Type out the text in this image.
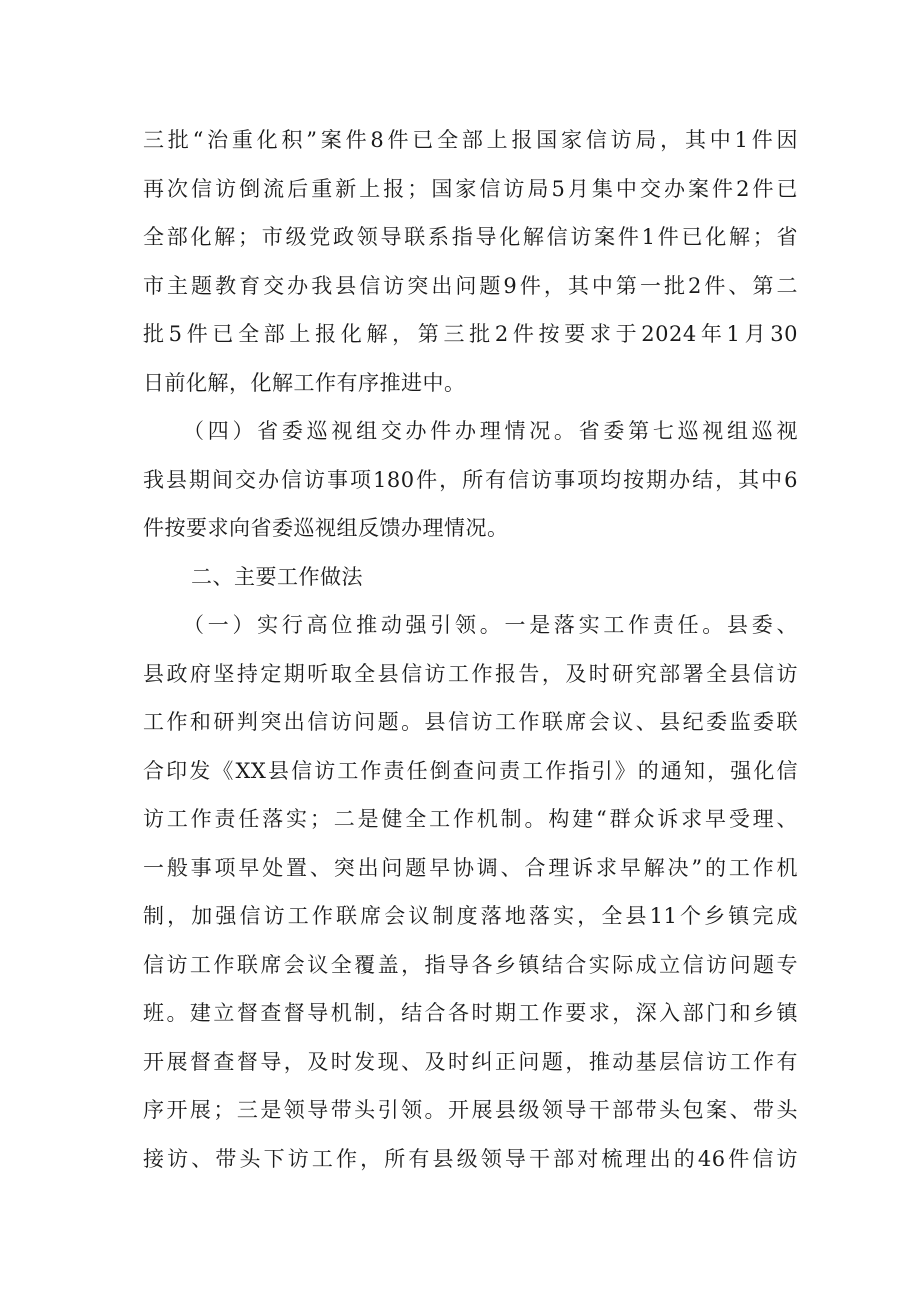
三批“治重化积”案件8件已全部上报国家信访局，其中1件因
再次信访倒流后重新上报；国家信访局5月集中交办案件2件已
全部化解；市级党政领导联系指导化解信访案件1件已化解；省
市主题教育交办我县信访突出问题9件，其中第一批2件、第二
批5件已全部上报化解，第三批2件按要求于2024年1月30
日前化解，化解工作有序推进中。
（四）省委巡视组交办件办理情况。省委第七巡视组巡视
我县期间交办信访事项180件，所有信访事项均按期办结，其中6
件按要求向省委巡视组反馈办理情况。
二、主要工作做法
（一）实行高位推动强引领。一是落实工作责任。县委、
县政府坚持定期听取全县信访工作报告，及时研究部署全县信访
工作和研判突出信访问题。县信访工作联席会议、县纪委监委联
合印发《XX县信访工作责任倒查问责工作指引》的通知，强化信
访工作责任落实；二是健全工作机制。构建“群众诉求早受理、
一般事项早处置、突出问题早协调、合理诉求早解决”的工作机
制，加强信访工作联席会议制度落地落实，全县11个乡镇完成
信访工作联席会议全覆盖，指导各乡镇结合实际成立信访问题专
班。建立督查督导机制，结合各时期工作要求，深入部门和乡镇
开展督查督导，及时发现、及时纠正问题，推动基层信访工作有
序开展；三是领导带头引领。开展县级领导干部带头包案、带头
接访、带头下访工作，所有县级领导干部对梳理出的46件信访
